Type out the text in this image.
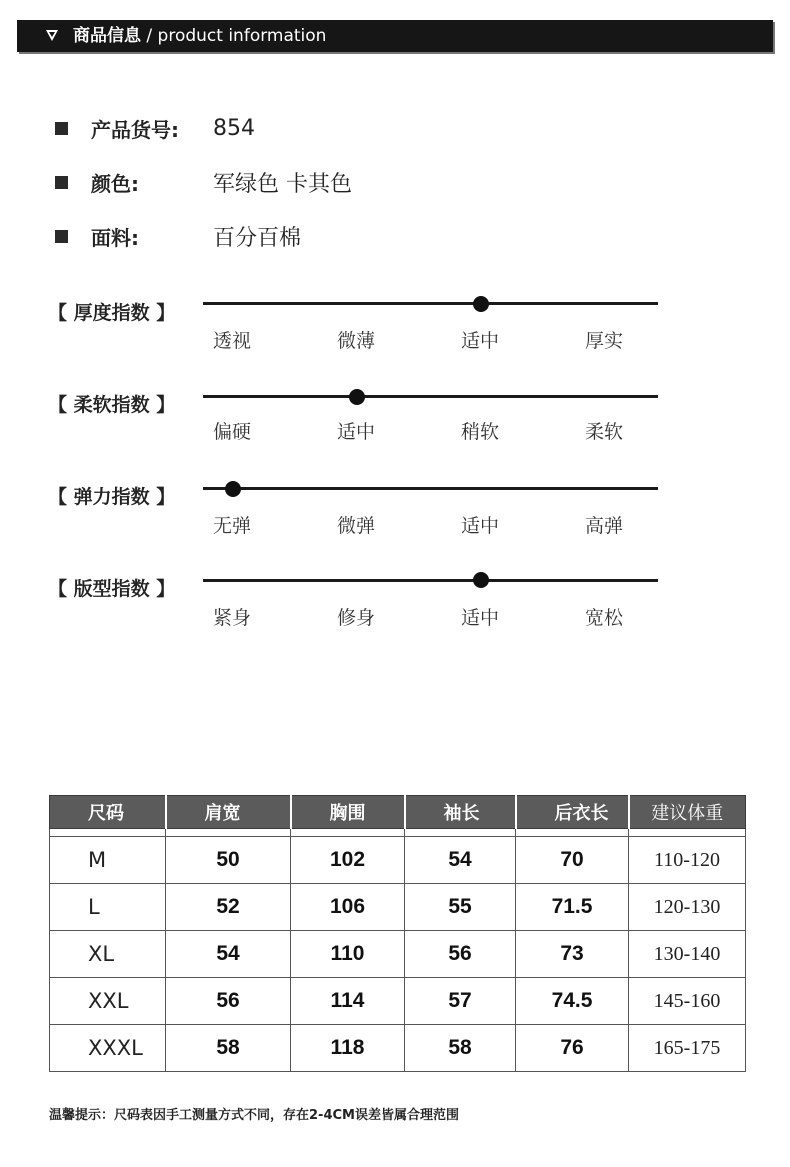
商品信息 / product information
产品货号: 854
颜色:	军绿色 卡其色
面料:	百分百棉
【 厚度指数 】
透视	微薄	适中	厚实
【 柔软指数 】
偏硬	适中	稍软	柔软
【 弹力指数 】
无弹	微弹	适中	高弹
【 版型指数 】
紧身	修身	适中	宽松
尺码	肩宽	胸围	袖长	后衣长	建议体重

M	50	102	54	70	110-120
L	52	106	55	71.5	120-130
XL	54	110	56	73	130-140
XXL	56	114	57	74.5	145-160
XXXL	58	118	58	76	165-175
温馨提示：尺码表因手工测量方式不同，存在2-4CM误差皆属合理范围
